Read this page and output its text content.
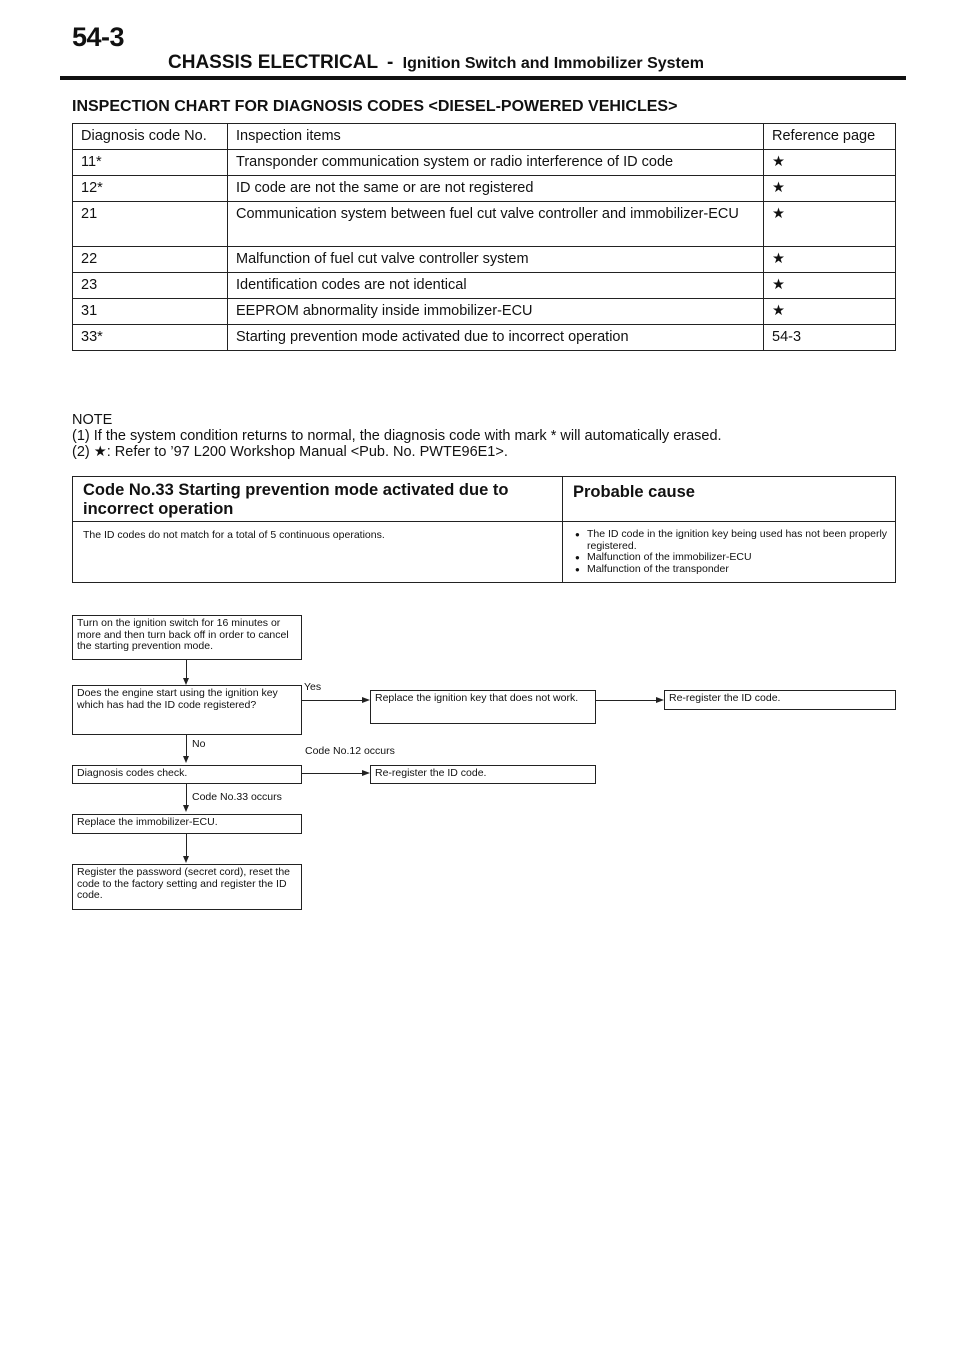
54-3
CHASSIS ELECTRICAL - Ignition Switch and Immobilizer System
INSPECTION CHART FOR DIAGNOSIS CODES <DIESEL-POWERED VEHICLES>
Diagnosis code No.	Inspection items	Reference page
11*	Transponder communication system or radio interference of ID code	★
12*	ID code are not the same or are not registered	★
21	Communication system between fuel cut valve controller and immobilizer-ECU	★
22	Malfunction of fuel cut valve controller system	★
23	Identification codes are not identical	★
31	EEPROM abnormality inside immobilizer-ECU	★
33*	Starting prevention mode activated due to incorrect operation	54-3
NOTE
(1) If the system condition returns to normal, the diagnosis code with mark * will automatically erased.
(2) ★: Refer to ’97 L200 Workshop Manual <Pub. No. PWTE96E1>.
Code No.33 Starting prevention mode activated due to incorrect operation
Probable cause
The ID codes do not match for a total of 5 continuous operations.	● The ID code in the ignition key being used has not been properly registered.
● Malfunction of the immobilizer-ECU
● Malfunction of the transponder
Turn on the ignition switch for 16 minutes or more and then turn back off in order to cancel the starting prevention mode.
Does the engine start using the ignition key which has had the ID code registered?
Yes
Replace the ignition key that does not work.	Re-register the ID code.
No
Code No.12 occurs
Diagnosis codes check.	Re-register the ID code.
Code No.33 occurs
Replace the immobilizer-ECU.
Register the password (secret cord), reset the code to the factory setting and register the ID code.
